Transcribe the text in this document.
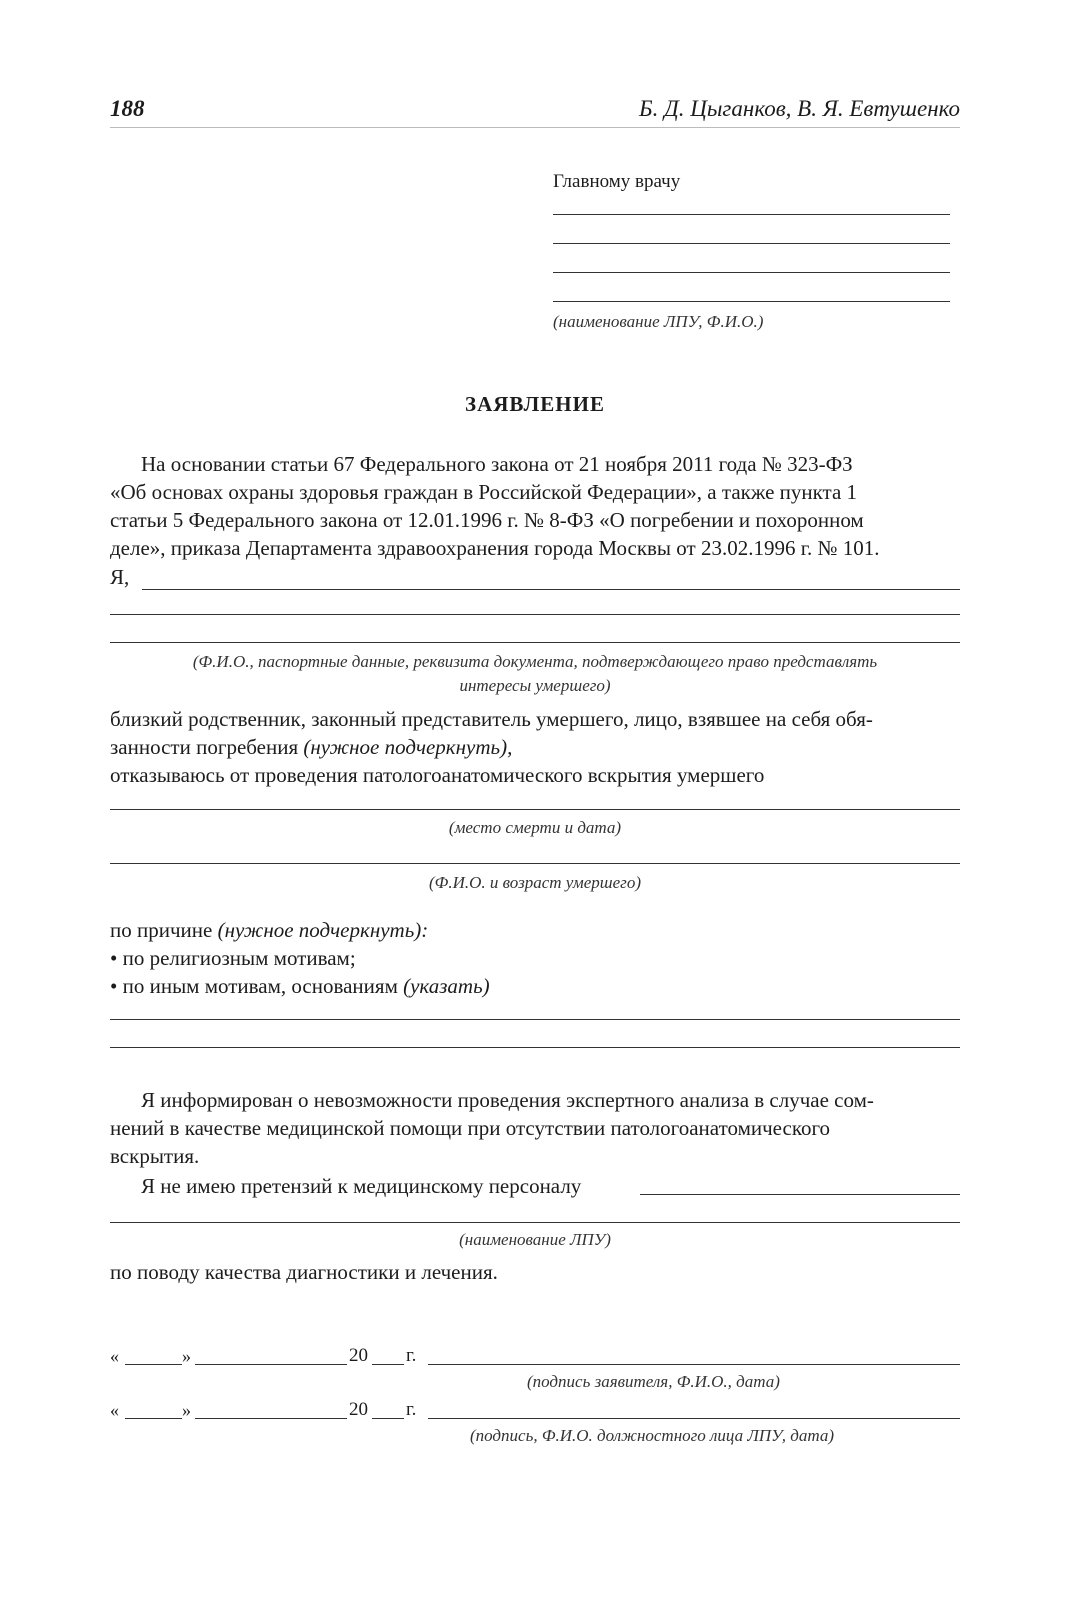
188	Б. Д. Цыганков, В. Я. Евтушенко
Главному врачу
(наименование ЛПУ, Ф.И.О.)
ЗАЯВЛЕНИЕ
На основании статьи 67 Федерального закона от 21 ноября 2011 года № 323-ФЗ
«Об основах охраны здоровья граждан в Российской Федерации», а также пункта 1
статьи 5 Федерального закона от 12.01.1996 г. № 8-ФЗ «О погребении и похоронном
деле», приказа Департамента здравоохранения города Москвы от 23.02.1996 г. № 101.
Я,
(Ф.И.О., паспортные данные, реквизита документа, подтверждающего право представлять
интересы умершего)
близкий родственник, законный представитель умершего, лицо, взявшее на себя обя-
занности погребения (нужное подчеркнуть),
отказываюсь от проведения патологоанатомического вскрытия умершего
(место смерти и дата)
(Ф.И.О. и возраст умершего)
по причине (нужное подчеркнуть):
• по религиозным мотивам;
• по иным мотивам, основаниям (указать)
Я информирован о невозможности проведения экспертного анализа в случае сом-
нений в качестве медицинской помощи при отсутствии патологоанатомического
вскрытия.
Я не имею претензий к медицинскому персоналу
(наименование ЛПУ)
по поводу качества диагностики и лечения.
«	»	20 г.
(подпись заявителя, Ф.И.О., дата)
«	»	20 г.
(подпись, Ф.И.О. должностного лица ЛПУ, дата)
